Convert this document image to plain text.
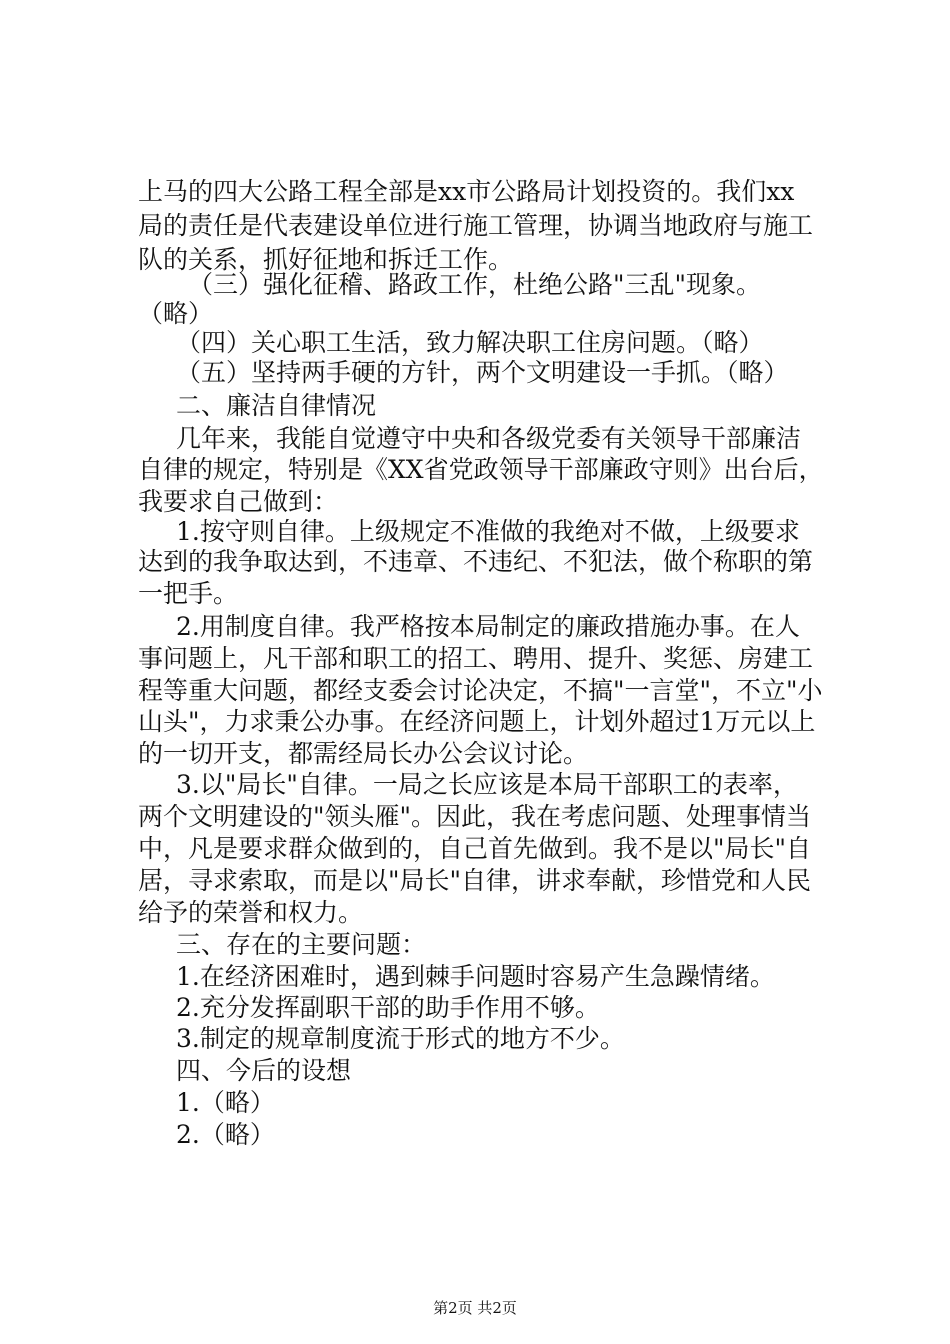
上马的四大公路工程全部是xx市公路局计划投资的。我们xx
局的责任是代表建设单位进行施工管理，协调当地政府与施工
队的关系，抓好征地和拆迁工作。
（三）强化征稽、路政工作，杜绝公路"三乱"现象。
（略）
（四）关心职工生活，致力解决职工住房问题。（略）
（五）坚持两手硬的方针，两个文明建设一手抓。（略）
二、廉洁自律情况
几年来，我能自觉遵守中央和各级党委有关领导干部廉洁
自律的规定，特别是《XX省党政领导干部廉政守则》出台后，
我要求自己做到：
1.按守则自律。上级规定不准做的我绝对不做，上级要求
达到的我争取达到，不违章、不违纪、不犯法，做个称职的第
一把手。
2.用制度自律。我严格按本局制定的廉政措施办事。在人
事问题上，凡干部和职工的招工、聘用、提升、奖惩、房建工
程等重大问题，都经支委会讨论决定，不搞"一言堂"，不立"小
山头"，力求秉公办事。在经济问题上，计划外超过1万元以上
的一切开支，都需经局长办公会议讨论。
3.以"局长"自律。一局之长应该是本局干部职工的表率，
两个文明建设的"领头雁"。因此，我在考虑问题、处理事情当
中，凡是要求群众做到的，自己首先做到。我不是以"局长"自
居，寻求索取，而是以"局长"自律，讲求奉献，珍惜党和人民
给予的荣誉和权力。
三、存在的主要问题：
1.在经济困难时，遇到棘手问题时容易产生急躁情绪。
2.充分发挥副职干部的助手作用不够。
3.制定的规章制度流于形式的地方不少。
四、今后的设想
1.（略）
2.（略）
第2页 共2页
